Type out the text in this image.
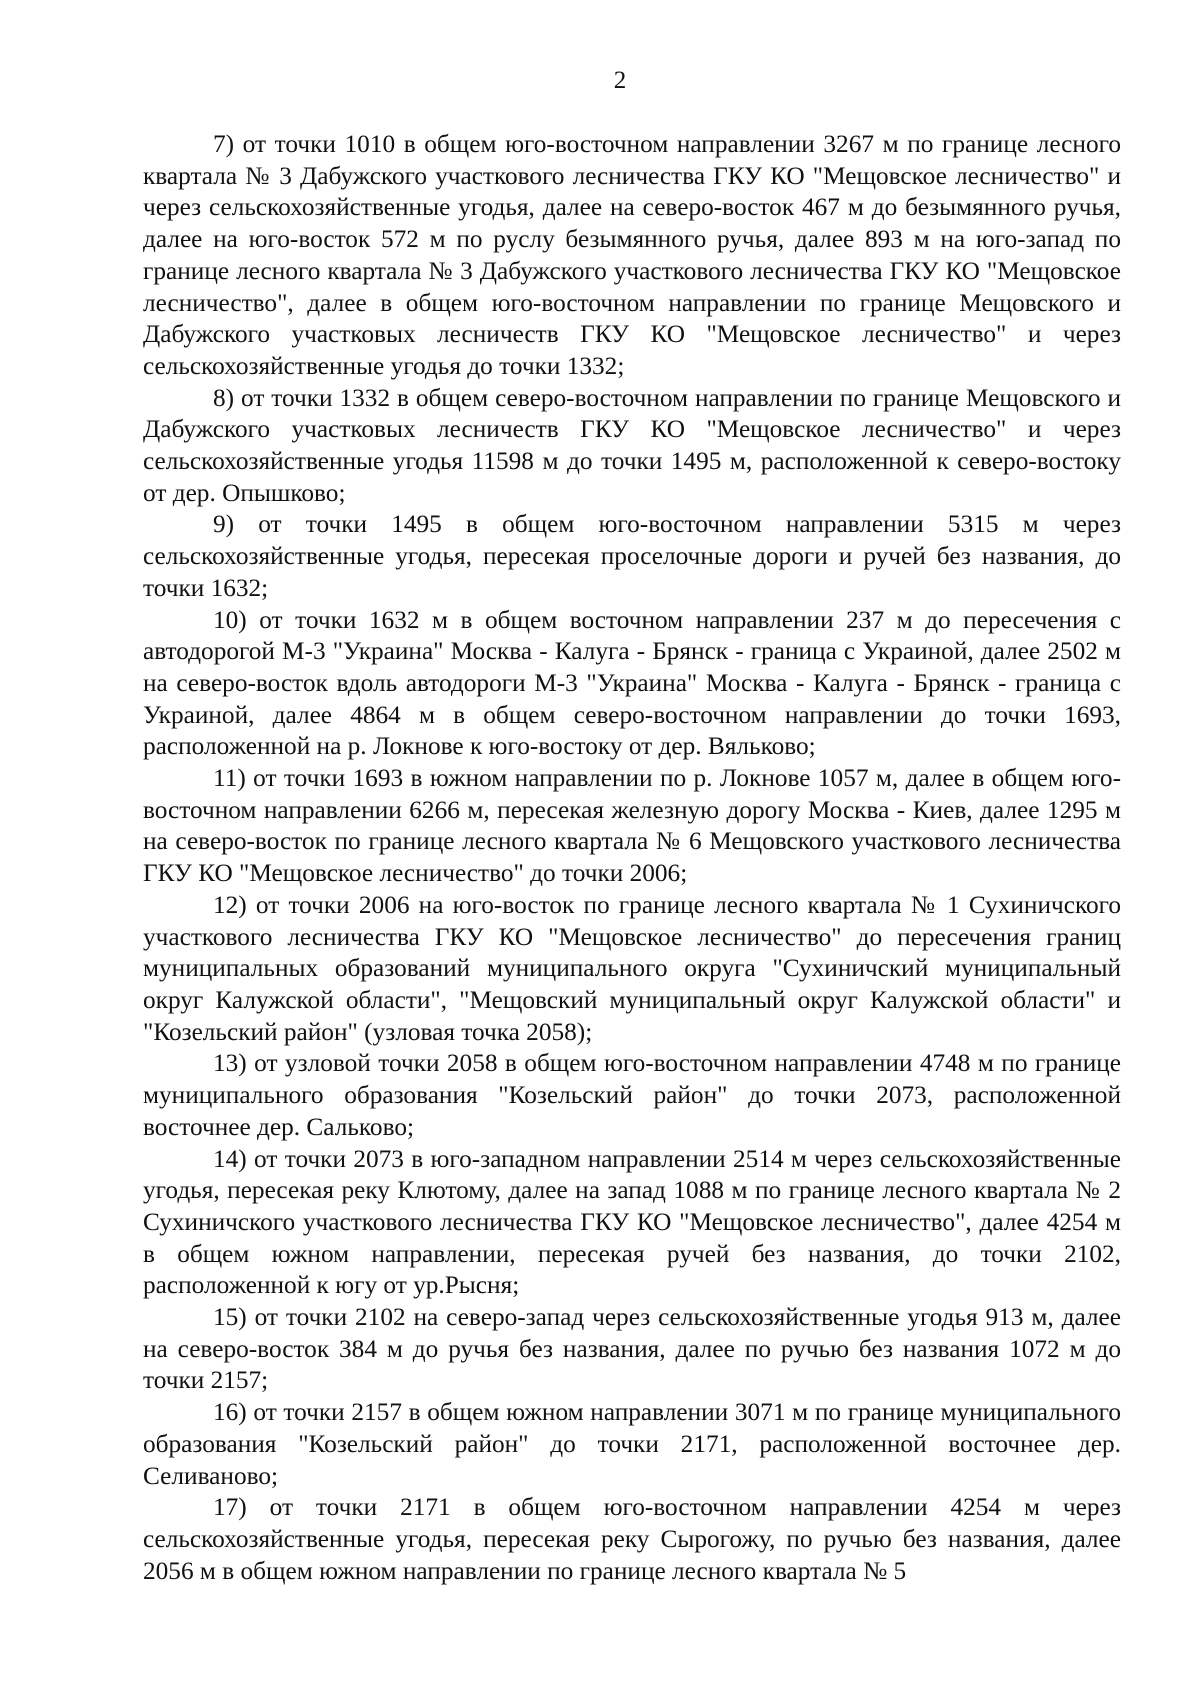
2

7) от точки 1010 в общем юго-восточном направлении 3267 м по границе лесного квартала № 3 Дабужского участкового лесничества ГКУ КО "Мещовское лесничество" и через сельскохозяйственные угодья, далее на северо-восток 467 м до безымянного ручья, далее на юго-восток 572 м по руслу безымянного ручья, далее 893 м на юго-запад по границе лесного квартала № 3 Дабужского участкового лесничества ГКУ КО "Мещовское лесничество", далее в общем юго-восточном направлении по границе Мещовского и Дабужского участковых лесничеств ГКУ КО "Мещовское лесничество" и через сельскохозяйственные угодья до точки 1332;

8) от точки 1332 в общем северо-восточном направлении по границе Мещовского и Дабужского участковых лесничеств ГКУ КО "Мещовское лесничество" и через сельскохозяйственные угодья 11598 м до точки 1495 м, расположенной к северо-востоку от дер. Опышково;

9) от точки 1495 в общем юго-восточном направлении 5315 м через сельскохозяйственные угодья, пересекая проселочные дороги и ручей без названия, до точки 1632;

10) от точки 1632 м в общем восточном направлении 237 м до пересечения с автодорогой М-3 "Украина" Москва - Калуга - Брянск - граница с Украиной, далее 2502 м на северо-восток вдоль автодороги М-3 "Украина" Москва - Калуга - Брянск - граница с Украиной, далее 4864 м в общем северо-восточном направлении до точки 1693, расположенной на р. Локнове к юго-востоку от дер. Вяльково;

11) от точки 1693 в южном направлении по р. Локнове 1057 м, далее в общем юго-восточном направлении 6266 м, пересекая железную дорогу Москва - Киев, далее 1295 м на северо-восток по границе лесного квартала № 6 Мещовского участкового лесничества ГКУ КО "Мещовское лесничество" до точки 2006;

12) от точки 2006 на юго-восток по границе лесного квартала № 1 Сухиничского участкового лесничества ГКУ КО "Мещовское лесничество" до пересечения границ муниципальных образований муниципального округа "Сухиничский муниципальный округ Калужской области", "Мещовский муниципальный округ Калужской области" и "Козельский район" (узловая точка 2058);

13) от узловой точки 2058 в общем юго-восточном направлении 4748 м по границе муниципального образования "Козельский район" до точки 2073, расположенной восточнее дер. Сальково;

14) от точки 2073 в юго-западном направлении 2514 м через сельскохозяйственные угодья, пересекая реку Клютому, далее на запад 1088 м по границе лесного квартала № 2 Сухиничского участкового лесничества ГКУ КО "Мещовское лесничество", далее 4254 м в общем южном направлении, пересекая ручей без названия, до точки 2102, расположенной к югу от ур.Рысня;

15) от точки 2102 на северо-запад через сельскохозяйственные угодья 913 м, далее на северо-восток 384 м до ручья без названия, далее по ручью без названия 1072 м до точки 2157;

16) от точки 2157 в общем южном направлении 3071 м по границе муниципального образования "Козельский район" до точки 2171, расположенной восточнее дер. Селиваново;

17) от точки 2171 в общем юго-восточном направлении 4254 м через сельскохозяйственные угодья, пересекая реку Сырогожу, по ручью без названия, далее 2056 м в общем южном направлении по границе лесного квартала № 5
